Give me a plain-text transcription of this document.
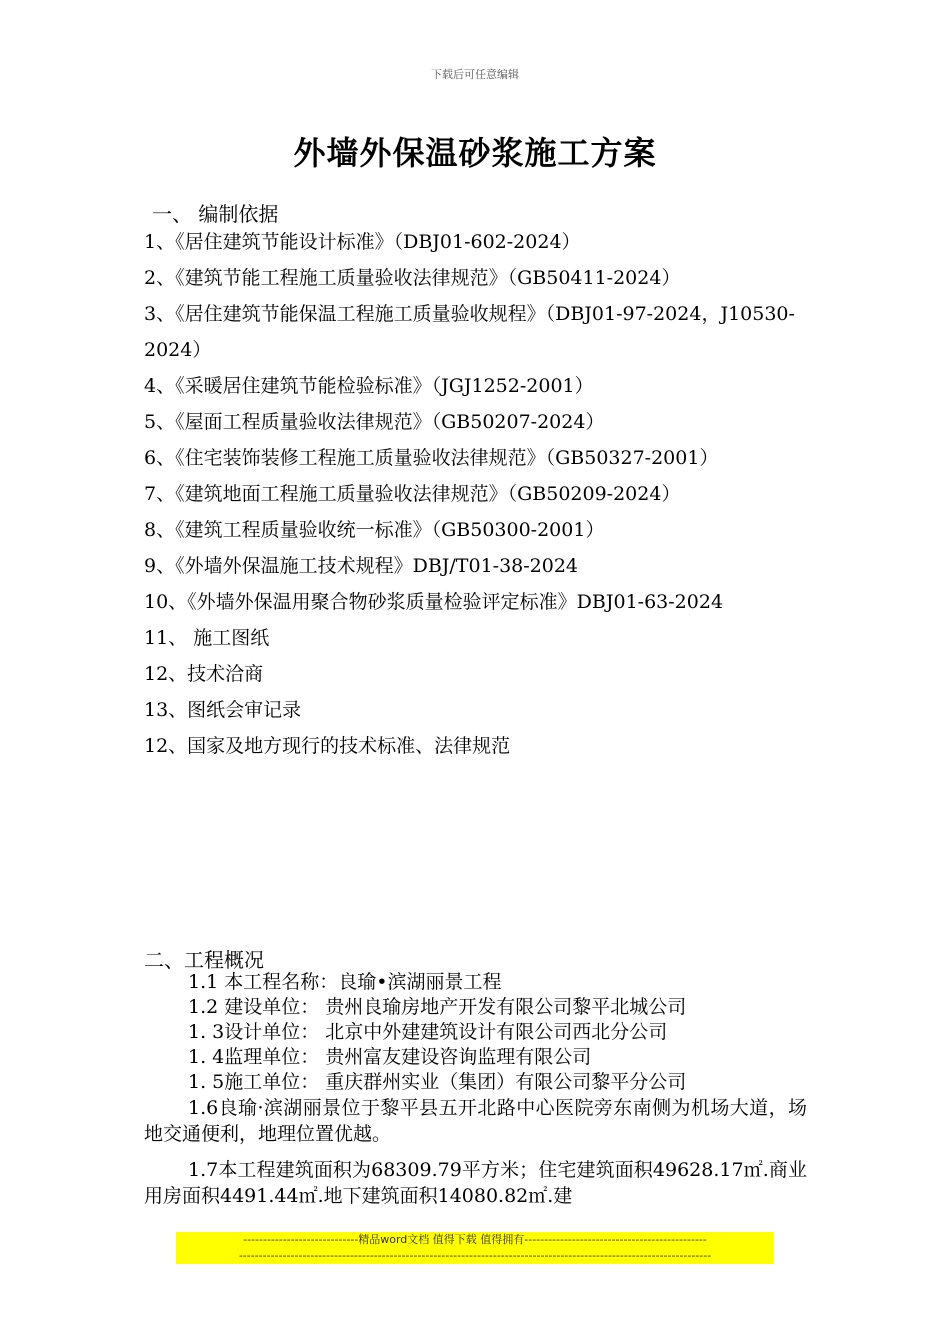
下载后可任意编辑
外墙外保温砂浆施工方案
一、 编制依据
1、《居住建筑节能设计标准》（DBJ01-602-2024）
2、《建筑节能工程施工质量验收法律规范》（GB50411-2024）
3、《居住建筑节能保温工程施工质量验收规程》（DBJ01-97-2024，J10530-2024）
4、《采暖居住建筑节能检验标准》（JGJ1252-2001）
5、《屋面工程质量验收法律规范》（GB50207-2024）
6、《住宅装饰装修工程施工质量验收法律规范》（GB50327-2001）
7、《建筑地面工程施工质量验收法律规范》（GB50209-2024）
8、《建筑工程质量验收统一标准》（GB50300-2001）
9、《外墙外保温施工技术规程》DBJ/T01-38-2024
10、《外墙外保温用聚合物砂浆质量检验评定标准》DBJ01-63-2024
11、 施工图纸
12、技术洽商
13、图纸会审记录
12、国家及地方现行的技术标准、法律规范
二、工程概况
1.1 本工程名称：良瑜•滨湖丽景工程
1.2 建设单位： 贵州良瑜房地产开发有限公司黎平北城公司
1. 3设计单位： 北京中外建建筑设计有限公司西北分公司
1. 4监理单位： 贵州富友建设咨询监理有限公司
1. 5施工单位： 重庆群州实业（集团）有限公司黎平分公司

1.6良瑜·滨湖丽景位于黎平县五开北路中心医院旁东南侧为机场大道，场地交通便利，地理位置优越。

1.7本工程建筑面积为68309.79平方米；住宅建筑面积49628.17㎡.商业用房面积4491.44㎡.地下建筑面积14080.82㎡.建

-----------------------------精品word文档 值得下载 值得拥有----------------------------------------------
-----------------------------------------------------------------------------------------------------------------------
